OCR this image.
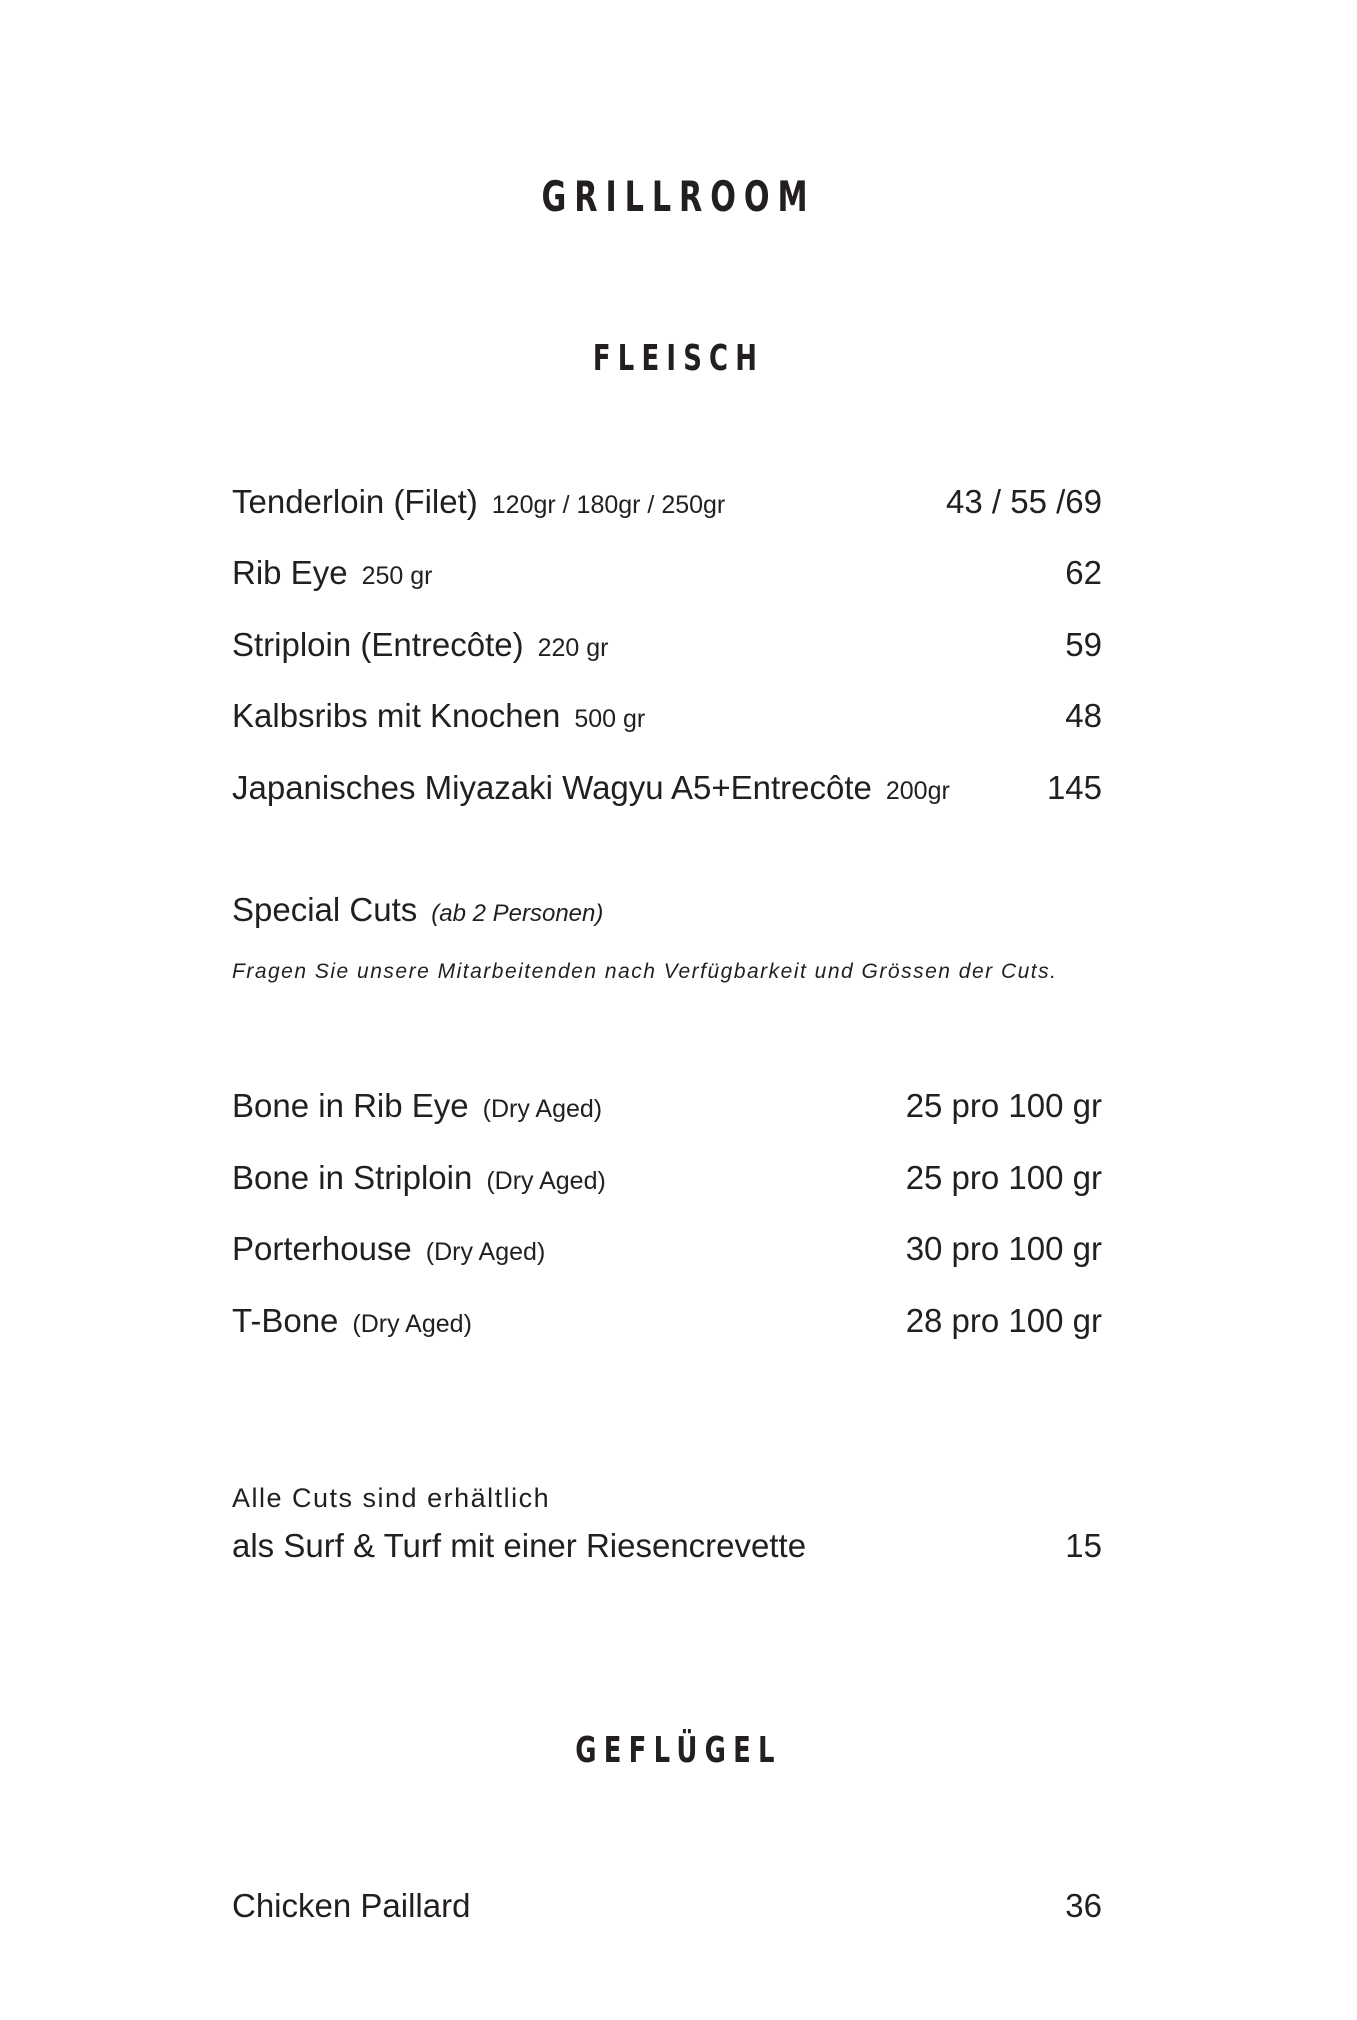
GRILLROOM
FLEISCH
Tenderloin (Filet) 120gr / 180gr / 250gr	43 / 55 /69
Rib Eye 250 gr	62
Striploin (Entrecôte) 220 gr	59
Kalbsribs mit Knochen 500 gr	48
Japanisches Miyazaki Wagyu A5+Entrecôte 200gr	145
Special Cuts (ab 2 Personen)
Fragen Sie unsere Mitarbeitenden nach Verfügbarkeit und Grössen der Cuts.
Bone in Rib Eye (Dry Aged)	25 pro 100 gr
Bone in Striploin (Dry Aged)	25 pro 100 gr
Porterhouse (Dry Aged)	30 pro 100 gr
T-Bone (Dry Aged)	28 pro 100 gr
Alle Cuts sind erhältlich
als Surf & Turf mit einer Riesencrevette	15
GEFLÜGEL
Chicken Paillard	36
